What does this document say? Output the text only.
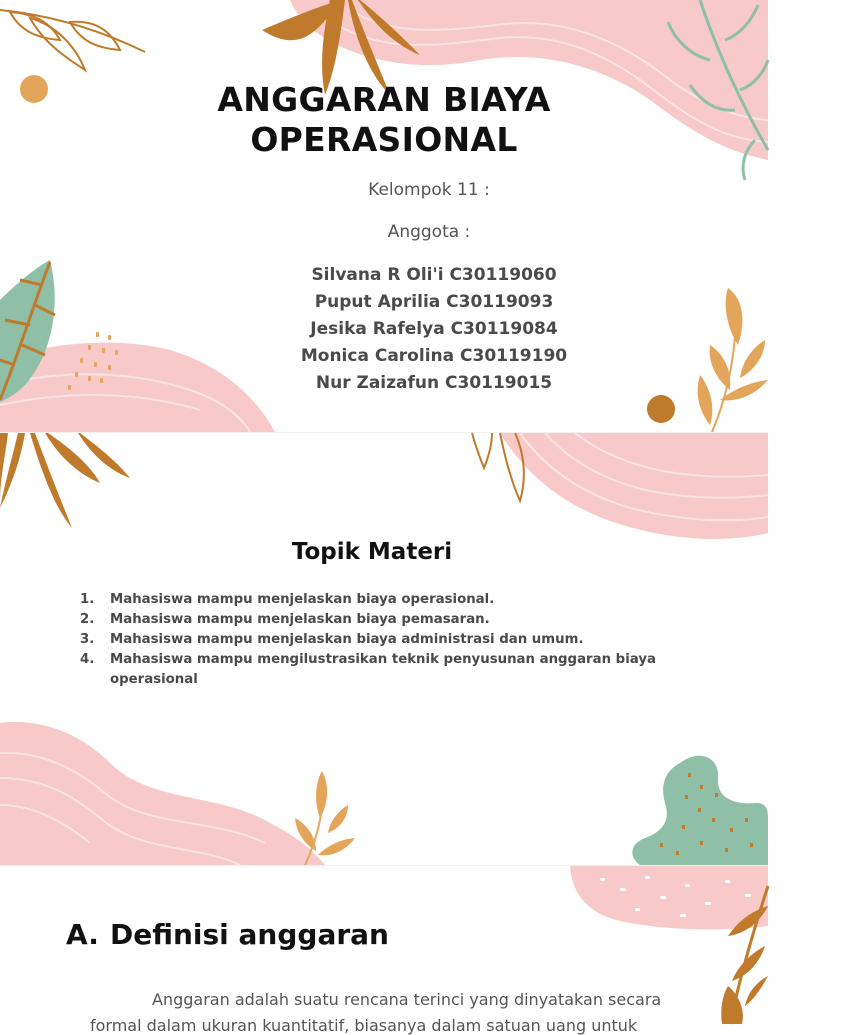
ANGGARAN BIAYA
OPERASIONAL
Kelompok 11 :
Anggota :
Silvana R Oli'i C30119060
Puput Aprilia C30119093
Jesika Rafelya C30119084
Monica Carolina C30119190
Nur Zaizafun C30119015
Topik Materi
1.	Mahasiswa mampu menjelaskan biaya operasional.
2.	Mahasiswa mampu menjelaskan biaya pemasaran.
3.	Mahasiswa mampu menjelaskan biaya administrasi dan umum.
4.	Mahasiswa mampu mengilustrasikan teknik penyusunan anggaran biaya operasional
A. Definisi anggaran
Anggaran adalah suatu rencana terinci yang dinyatakan secara
formal dalam ukuran kuantitatif, biasanya dalam satuan uang untuk
